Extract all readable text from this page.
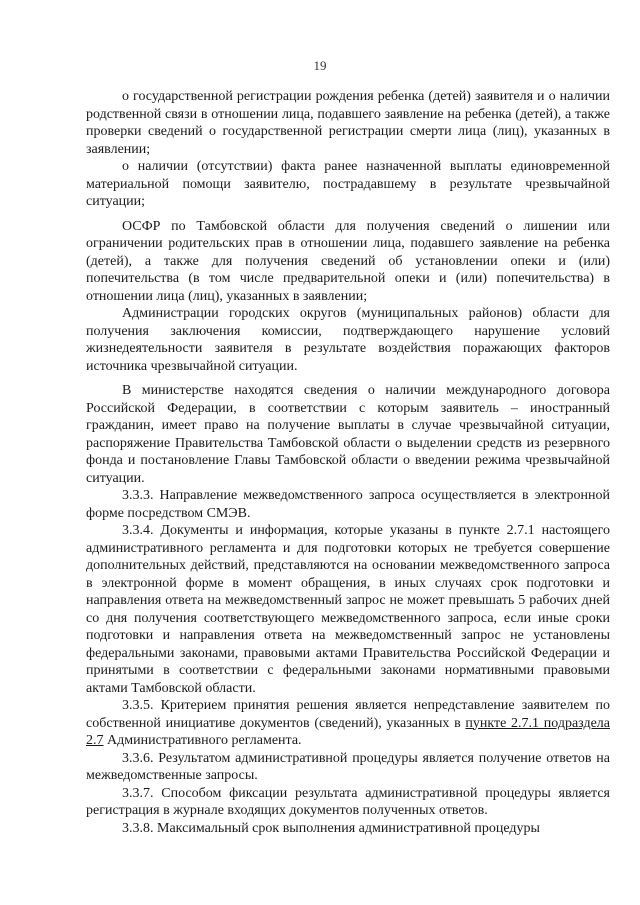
19

о государственной регистрации рождения ребенка (детей) заявителя и о наличии родственной связи в отношении лица, подавшего заявление на ребенка (детей), а также проверки сведений о государственной регистрации смерти лица (лиц), указанных в заявлении;

о наличии (отсутствии) факта ранее назначенной выплаты единовременной материальной помощи заявителю, пострадавшему в результате чрезвычайной ситуации;

ОСФР по Тамбовской области для получения сведений о лишении или ограничении родительских прав в отношении лица, подавшего заявление на ребенка (детей), а также для получения сведений об установлении опеки и (или) попечительства (в том числе предварительной опеки и (или) попечительства) в отношении лица (лиц), указанных в заявлении;

Администрации городских округов (муниципальных районов) области для получения заключения комиссии, подтверждающего нарушение условий жизнедеятельности заявителя в результате воздействия поражающих факторов источника чрезвычайной ситуации.

В министерстве находятся сведения о наличии международного договора Российской Федерации, в соответствии с которым заявитель – иностранный гражданин, имеет право на получение выплаты в случае чрезвычайной ситуации, распоряжение Правительства Тамбовской области о выделении средств из резервного фонда и постановление Главы Тамбовской области о введении режима чрезвычайной ситуации.

3.3.3. Направление межведомственного запроса осуществляется в электронной форме посредством СМЭВ.

3.3.4. Документы и информация, которые указаны в пункте 2.7.1 настоящего административного регламента и для подготовки которых не требуется совершение дополнительных действий, представляются на основании межведомственного запроса в электронной форме в момент обращения, в иных случаях срок подготовки и направления ответа на межведомственный запрос не может превышать 5 рабочих дней со дня получения соответствующего межведомственного запроса, если иные сроки подготовки и направления ответа на межведомственный запрос не установлены федеральными законами, правовыми актами Правительства Российской Федерации и принятыми в соответствии с федеральными законами нормативными правовыми актами Тамбовской области.

3.3.5. Критерием принятия решения является непредставление заявителем по собственной инициативе документов (сведений), указанных в пункте 2.7.1 подраздела 2.7 Административного регламента.

3.3.6. Результатом административной процедуры является получение ответов на межведомственные запросы.

3.3.7. Способом фиксации результата административной процедуры является регистрация в журнале входящих документов полученных ответов.

3.3.8. Максимальный срок выполнения административной процедуры
